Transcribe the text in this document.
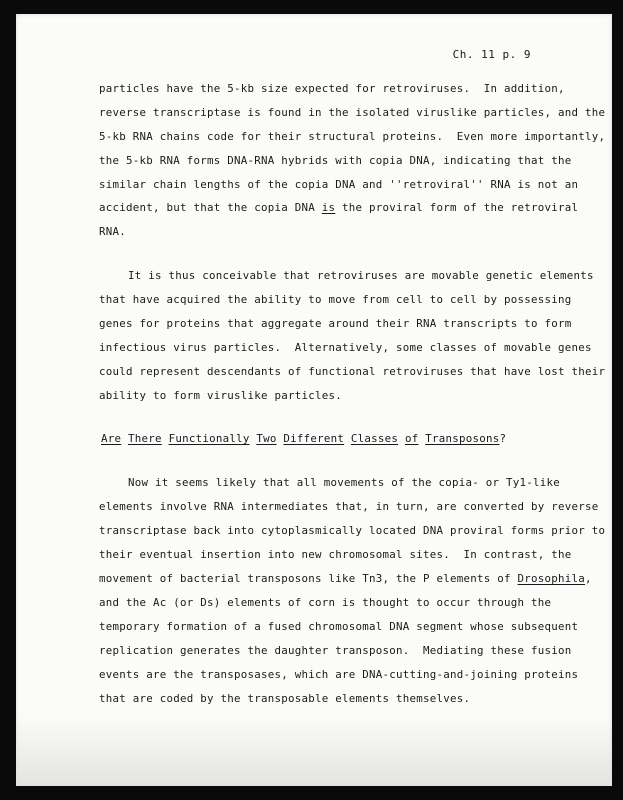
Ch. 11 p. 9
particles have the 5-kb size expected for retroviruses.  In addition,
reverse transcriptase is found in the isolated viruslike particles, and the
5-kb RNA chains code for their structural proteins.  Even more importantly,
the 5-kb RNA forms DNA-RNA hybrids with copia DNA, indicating that the
similar chain lengths of the copia DNA and ''retroviral'' RNA is not an
accident, but that the copia DNA is the proviral form of the retroviral
RNA.
It is thus conceivable that retroviruses are movable genetic elements
that have acquired the ability to move from cell to cell by possessing
genes for proteins that aggregate around their RNA transcripts to form
infectious virus particles.  Alternatively, some classes of movable genes
could represent descendants of functional retroviruses that have lost their
ability to form viruslike particles.
Are There Functionally Two Different Classes of Transposons?
Now it seems likely that all movements of the copia- or Ty1-like
elements involve RNA intermediates that, in turn, are converted by reverse
transcriptase back into cytoplasmically located DNA proviral forms prior to
their eventual insertion into new chromosomal sites.  In contrast, the
movement of bacterial transposons like Tn3, the P elements of Drosophila,
and the Ac (or Ds) elements of corn is thought to occur through the
temporary formation of a fused chromosomal DNA segment whose subsequent
replication generates the daughter transposon.  Mediating these fusion
events are the transposases, which are DNA-cutting-and-joining proteins
that are coded by the transposable elements themselves.
